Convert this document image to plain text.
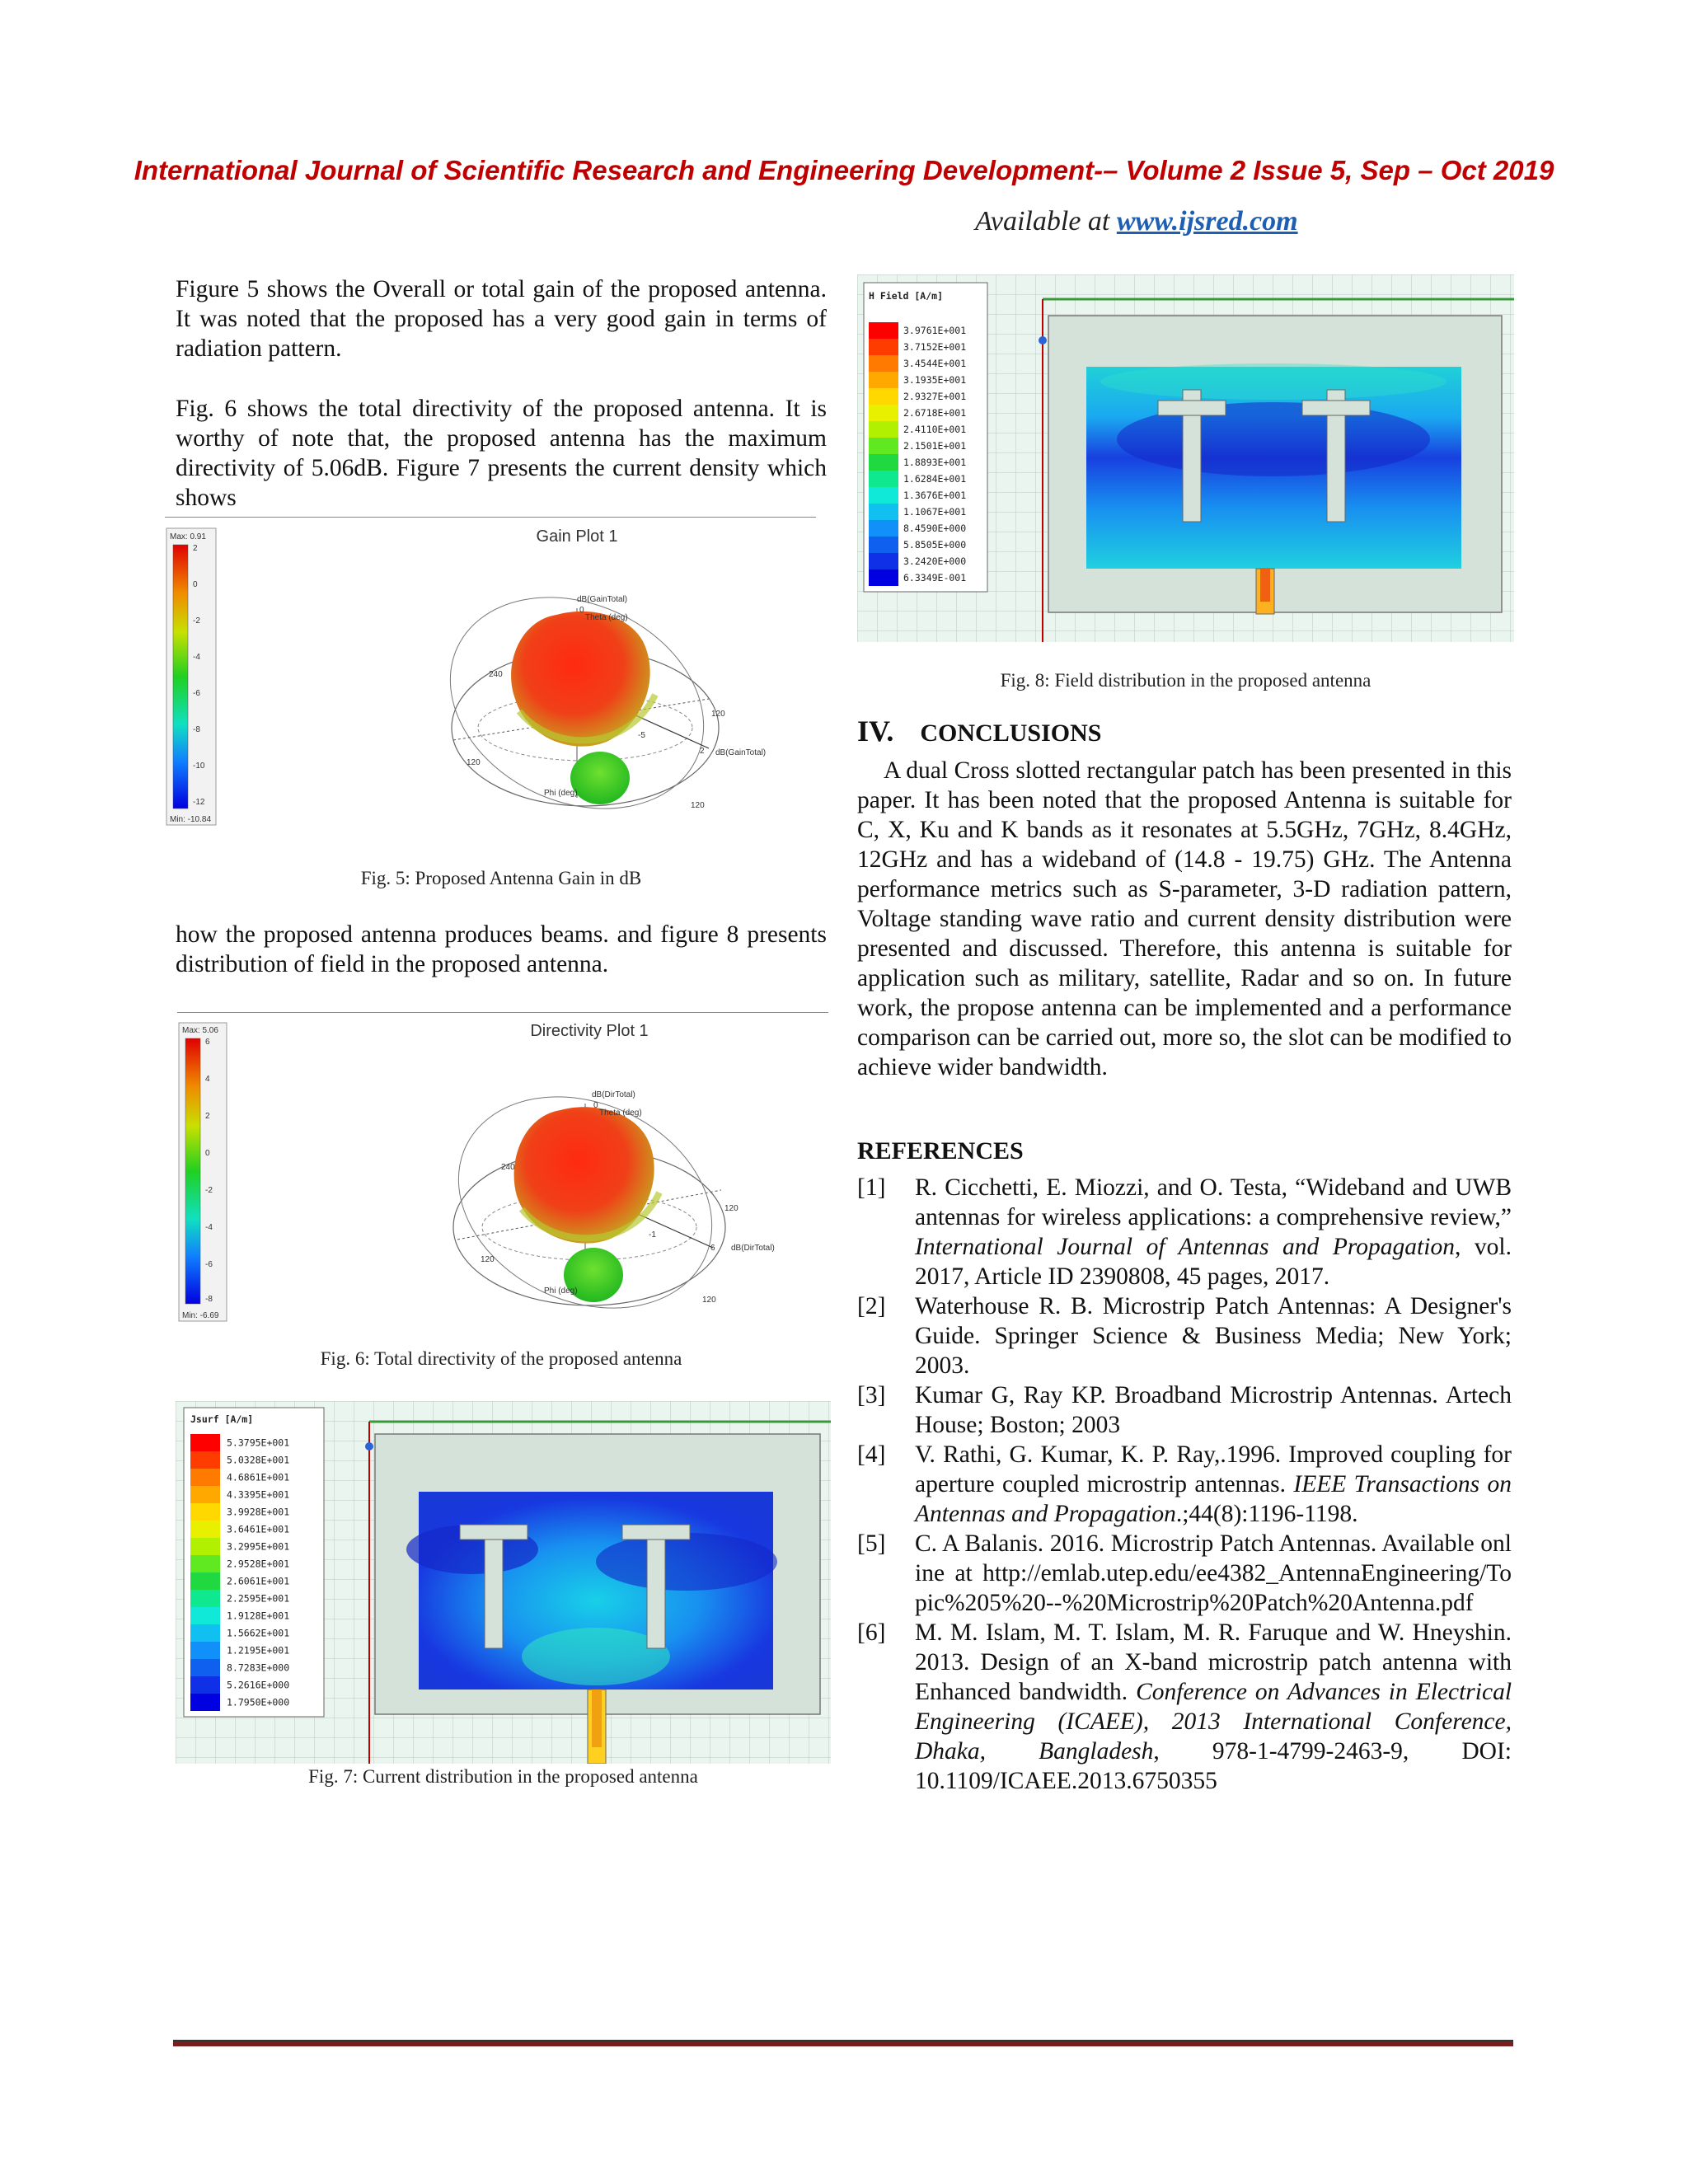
International Journal of Scientific Research and Engineering Development-– Volume 2 Issue 5, Sep – Oct 2019
Available at www.ijsred.com
Figure 5 shows the Overall or total gain of the proposed antenna. It was noted that the proposed has a very good gain in terms of radiation pattern.
Fig. 6 shows the total directivity of the proposed antenna. It is worthy of note that, the proposed antenna has the maximum directivity of 5.06dB. Figure 7 presents the current density which shows
Max: 0.91
2
0
-2
-4
-6
-8
-10
-12
Min: -10.84
Gain Plot 1
dB(GainTotal)
0
Theta (deg)
240
120
120
120
-5
2 dB(GainTotal)
Phi (deg)
Fig. 5: Proposed Antenna Gain in dB
how the proposed antenna produces beams. and figure 8 presents distribution of field in the proposed antenna.
Max: 5.06
6
4
2
0
-2
-4
-6
-8
Min: -6.69
Directivity Plot 1
dB(DirTotal)
0
Theta (deg)
240
120
120
120
-1
6 dB(DirTotal)
Phi (deg)
Fig. 6: Total directivity of the proposed antenna
Jsurf [A/m]
5.3795E+001
5.0328E+001
4.6861E+001
4.3395E+001
3.9928E+001
3.6461E+001
3.2995E+001
2.9528E+001
2.6061E+001
2.2595E+001
1.9128E+001
1.5662E+001
1.2195E+001
8.7283E+000
5.2616E+000
1.7950E+000
Fig. 7: Current distribution in the proposed antenna
H Field [A/m]
3.9761E+001
3.7152E+001
3.4544E+001
3.1935E+001
2.9327E+001
2.6718E+001
2.4110E+001
2.1501E+001
1.8893E+001
1.6284E+001
1.3676E+001
1.1067E+001
8.4590E+000
5.8505E+000
3.2420E+000
6.3349E-001
Fig. 8: Field distribution in the proposed antenna
IV. CONCLUSIONS
A dual Cross slotted rectangular patch has been presented in this paper. It has been noted that the proposed Antenna is suitable for C, X, Ku and K bands as it resonates at 5.5GHz, 7GHz, 8.4GHz, 12GHz and has a wideband of (14.8 - 19.75) GHz. The Antenna performance metrics such as S-parameter, 3-D radiation pattern, Voltage standing wave ratio and current density distribution were presented and discussed. Therefore, this antenna is suitable for application such as military, satellite, Radar and so on. In future work, the propose antenna can be implemented and a performance comparison can be carried out, more so, the slot can be modified to achieve wider bandwidth.
REFERENCES
[1] R. Cicchetti, E. Miozzi, and O. Testa, “Wideband and UWB antennas for wireless applications: a comprehensive review,” International Journal of Antennas and Propagation, vol. 2017, Article ID 2390808, 45 pages, 2017.
[2] Waterhouse R. B. Microstrip Patch Antennas: A Designer's Guide. Springer Science & Business Media; New York; 2003.
[3] Kumar G, Ray KP. Broadband Microstrip Antennas. Artech House; Boston; 2003
[4] V. Rathi, G. Kumar, K. P. Ray,.1996. Improved coupling for aperture coupled microstrip antennas. IEEE Transactions on Antennas and Propagation.;44(8):1196-1198.
[5] C. A Balanis. 2016. Microstrip Patch Antennas. Available online at http://emlab.utep.edu/ee4382_AntennaEngineering/Topic%205%20--%20Microstrip%20Patch%20Antenna.pdf
[6] M. M. Islam, M. T. Islam, M. R. Faruque and W. Hneyshin. 2013. Design of an X-band microstrip patch antenna with Enhanced bandwidth. Conference on Advances in Electrical Engineering (ICAEE), 2013 International Conference, Dhaka, Bangladesh, 978-1-4799-2463-9, DOI: 10.1109/ICAEE.2013.6750355
